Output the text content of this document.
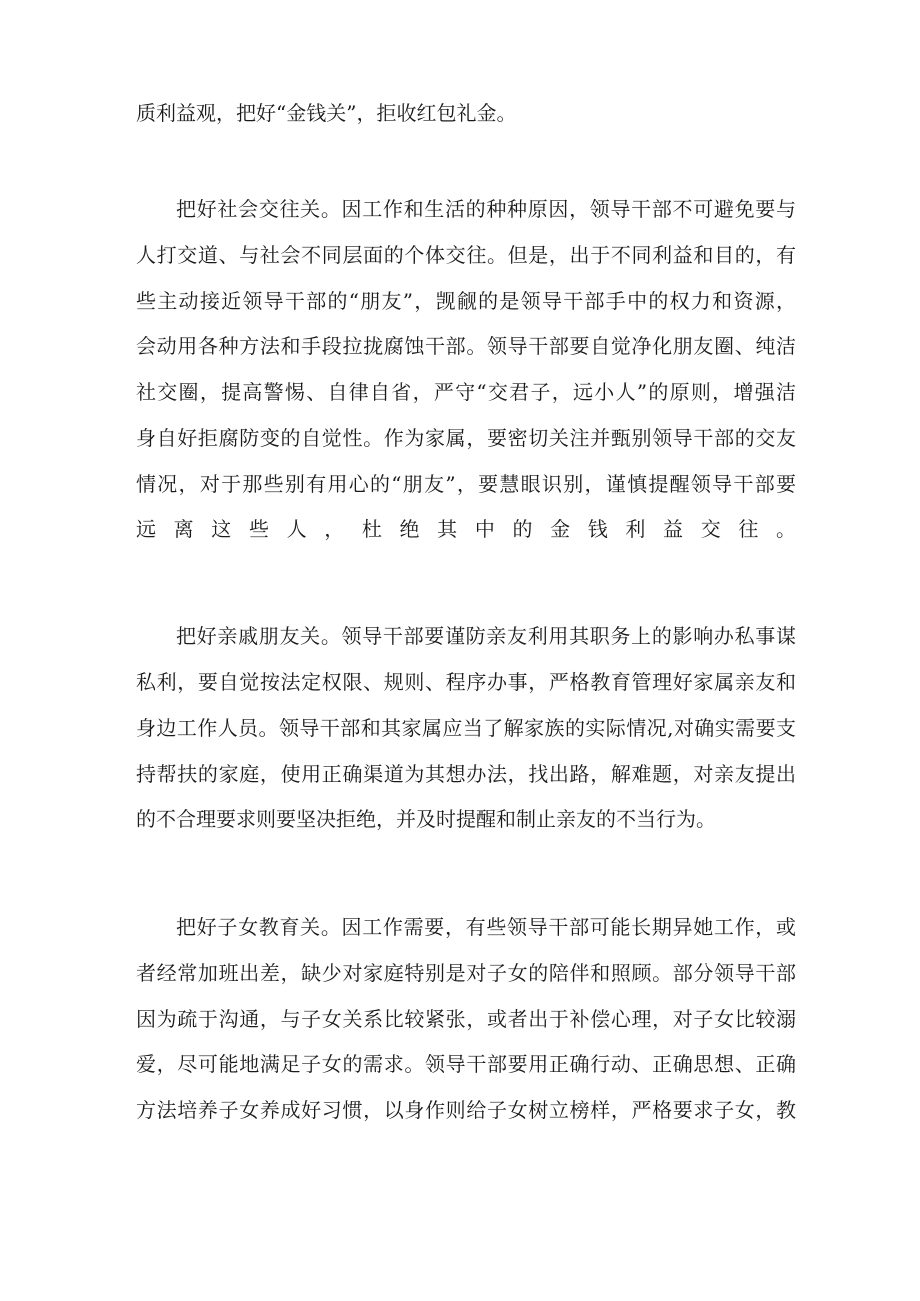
质利益观，把好“金钱关”，拒收红包礼金。
把好社会交往关。因工作和生活的种种原因，领导干部不可避免要与
人打交道、与社会不同层面的个体交往。但是，出于不同利益和目的，有
些主动接近领导干部的“朋友”，觊觎的是领导干部手中的权力和资源，
会动用各种方法和手段拉拢腐蚀干部。领导干部要自觉净化朋友圈、纯洁
社交圈，提高警惕、自律自省，严守“交君子，远小人”的原则，增强洁
身自好拒腐防变的自觉性。作为家属，要密切关注并甄别领导干部的交友
情况，对于那些别有用心的“朋友”，要慧眼识别，谨慎提醒领导干部要
远离这些人，杜绝其中的金钱利益交往。
把好亲戚朋友关。领导干部要谨防亲友利用其职务上的影响办私事谋
私利，要自觉按法定权限、规则、程序办事，严格教育管理好家属亲友和
身边工作人员。领导干部和其家属应当了解家族的实际情况,对确实需要支
持帮扶的家庭，使用正确渠道为其想办法，找出路，解难题，对亲友提出
的不合理要求则要坚决拒绝，并及时提醒和制止亲友的不当行为。
把好子女教育关。因工作需要，有些领导干部可能长期异她工作，或
者经常加班出差，缺少对家庭特别是对子女的陪伴和照顾。部分领导干部
因为疏于沟通，与子女关系比较紧张，或者出于补偿心理，对子女比较溺
爱，尽可能地满足子女的需求。领导干部要用正确行动、正确思想、正确
方法培养子女养成好习惯，以身作则给子女树立榜样，严格要求子女，教
